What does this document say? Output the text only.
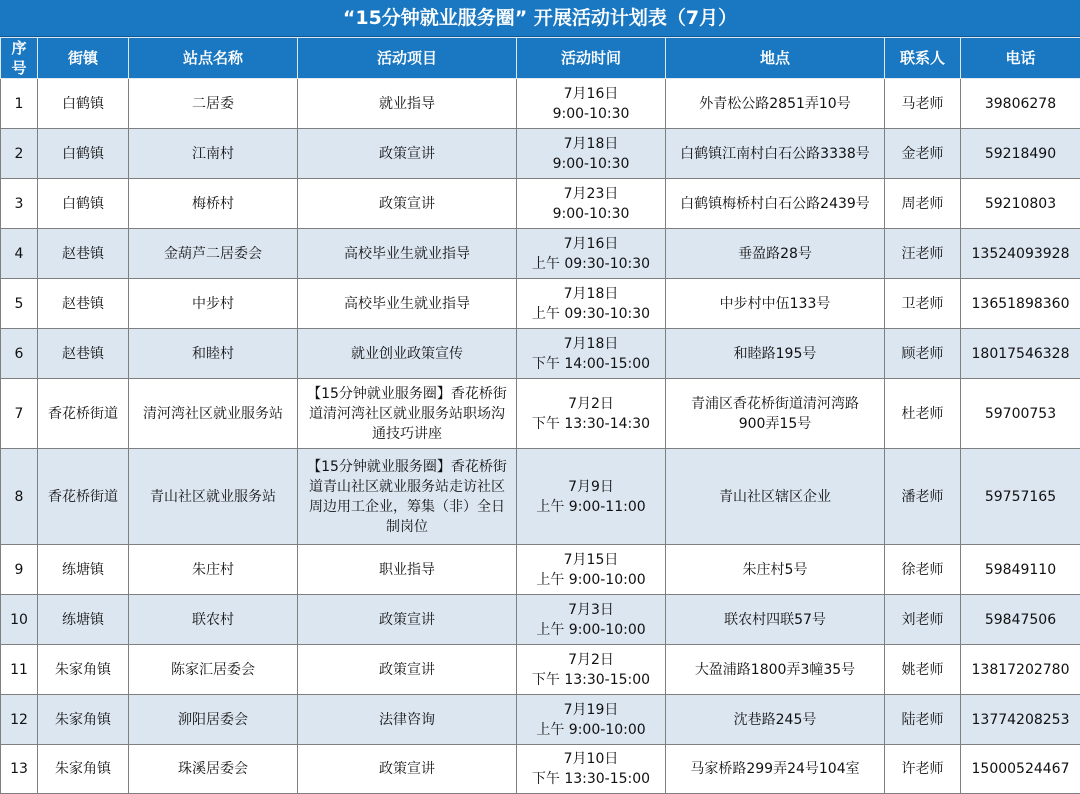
“15分钟就业服务圈” 开展活动计划表（7月）
序号	街镇	站点名称	活动项目	活动时间	地点	联系人	电话
1	白鹤镇	二居委	就业指导	7月16日
9:00-10:30	外青松公路2851弄10号	马老师	39806278
2	白鹤镇	江南村	政策宣讲	7月18日
9:00-10:30	白鹤镇江南村白石公路3338号	金老师	59218490
3	白鹤镇	梅桥村	政策宣讲	7月23日
9:00-10:30	白鹤镇梅桥村白石公路2439号	周老师	59210803
4	赵巷镇	金葫芦二居委会	高校毕业生就业指导	7月16日
上午 09:30-10:30	垂盈路28号	汪老师	13524093928
5	赵巷镇	中步村	高校毕业生就业指导	7月18日
上午 09:30-10:30	中步村中伍133号	卫老师	13651898360
6	赵巷镇	和睦村	就业创业政策宣传	7月18日
下午 14:00-15:00	和睦路195号	顾老师	18017546328
7	香花桥街道	清河湾社区就业服务站	【15分钟就业服务圈】香花桥街
道清河湾社区就业服务站职场沟
通技巧讲座	7月2日
下午 13:30-14:30	青浦区香花桥街道清河湾路
900弄15号	杜老师	59700753
8	香花桥街道	青山社区就业服务站	【15分钟就业服务圈】香花桥街
道青山社区就业服务站走访社区
周边用工企业，筹集（非）全日
制岗位	7月9日
上午 9:00-11:00	青山社区辖区企业	潘老师	59757165
9	练塘镇	朱庄村	职业指导	7月15日
上午 9:00-10:00	朱庄村5号	徐老师	59849110
10	练塘镇	联农村	政策宣讲	7月3日
上午 9:00-10:00	联农村四联57号	刘老师	59847506
11	朱家角镇	陈家汇居委会	政策宣讲	7月2日
下午 13:30-15:00	大盈浦路1800弄3幢35号	姚老师	13817202780
12	朱家角镇	泖阳居委会	法律咨询	7月19日
上午 9:00-10:00	沈巷路245号	陆老师	13774208253
13	朱家角镇	珠溪居委会	政策宣讲	7月10日
下午 13:30-15:00	马家桥路299弄24号104室	许老师	15000524467
